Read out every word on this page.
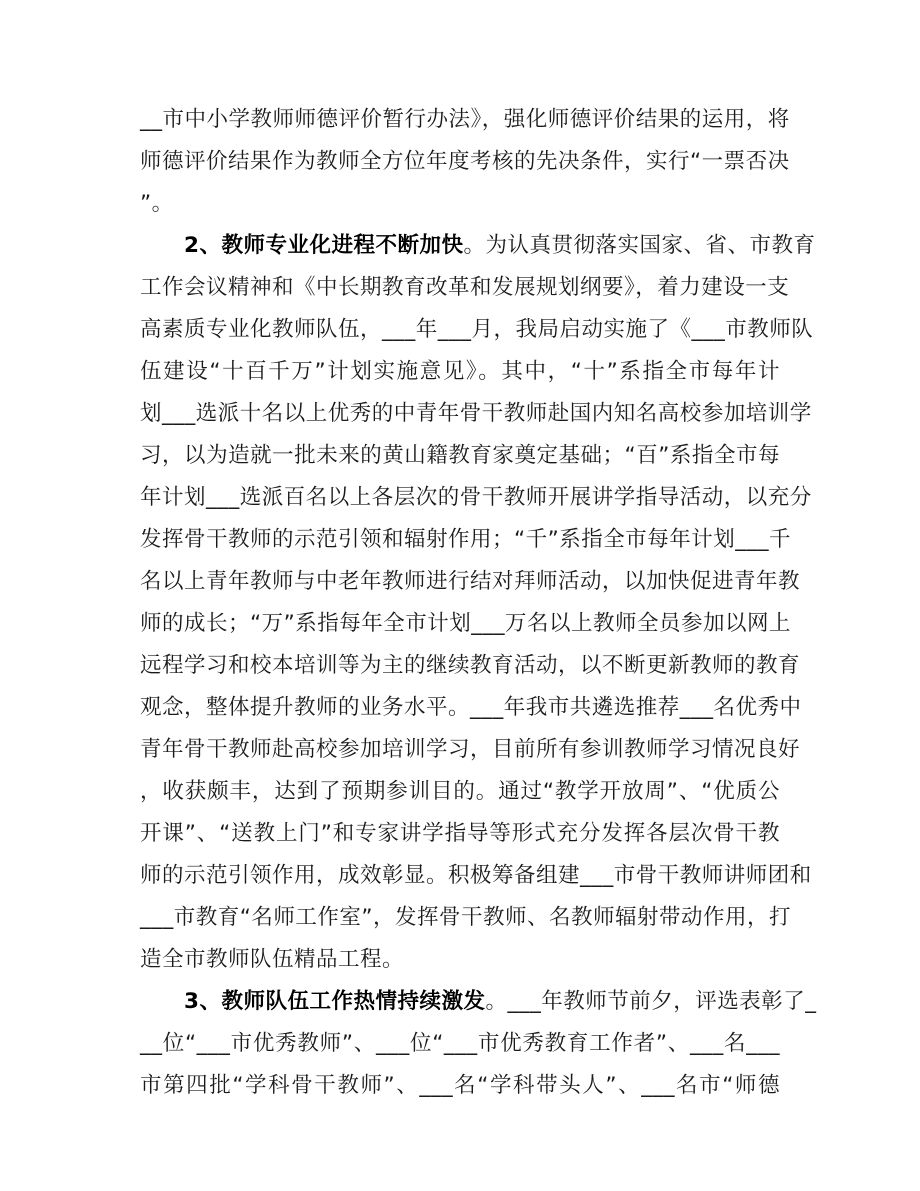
__市中小学教师师德评价暂行办法》，强化师德评价结果的运用，将
师德评价结果作为教师全方位年度考核的先决条件，实行“一票否决
”。
2、教师专业化进程不断加快。为认真贯彻落实国家、省、市教育
工作会议精神和《中长期教育改革和发展规划纲要》，着力建设一支
高素质专业化教师队伍，___年___月，我局启动实施了《___市教师队
伍建设“十百千万”计划实施意见》。其中，“十”系指全市每年计
划___选派十名以上优秀的中青年骨干教师赴国内知名高校参加培训学
习，以为造就一批未来的黄山籍教育家奠定基础；“百”系指全市每
年计划___选派百名以上各层次的骨干教师开展讲学指导活动，以充分
发挥骨干教师的示范引领和辐射作用；“千”系指全市每年计划___千
名以上青年教师与中老年教师进行结对拜师活动，以加快促进青年教
师的成长；“万”系指每年全市计划___万名以上教师全员参加以网上
远程学习和校本培训等为主的继续教育活动，以不断更新教师的教育
观念，整体提升教师的业务水平。___年我市共遴选推荐___名优秀中
青年骨干教师赴高校参加培训学习，目前所有参训教师学习情况良好
，收获颇丰，达到了预期参训目的。通过“教学开放周”、“优质公
开课”、“送教上门”和专家讲学指导等形式充分发挥各层次骨干教
师的示范引领作用，成效彰显。积极筹备组建___市骨干教师讲师团和
___市教育“名师工作室”，发挥骨干教师、名教师辐射带动作用，打
造全市教师队伍精品工程。
3、教师队伍工作热情持续激发。___年教师节前夕，评选表彰了_
__位“___市优秀教师”、___位“___市优秀教育工作者”、___名___
市第四批“学科骨干教师”、___名“学科带头人”、___名市“师德
